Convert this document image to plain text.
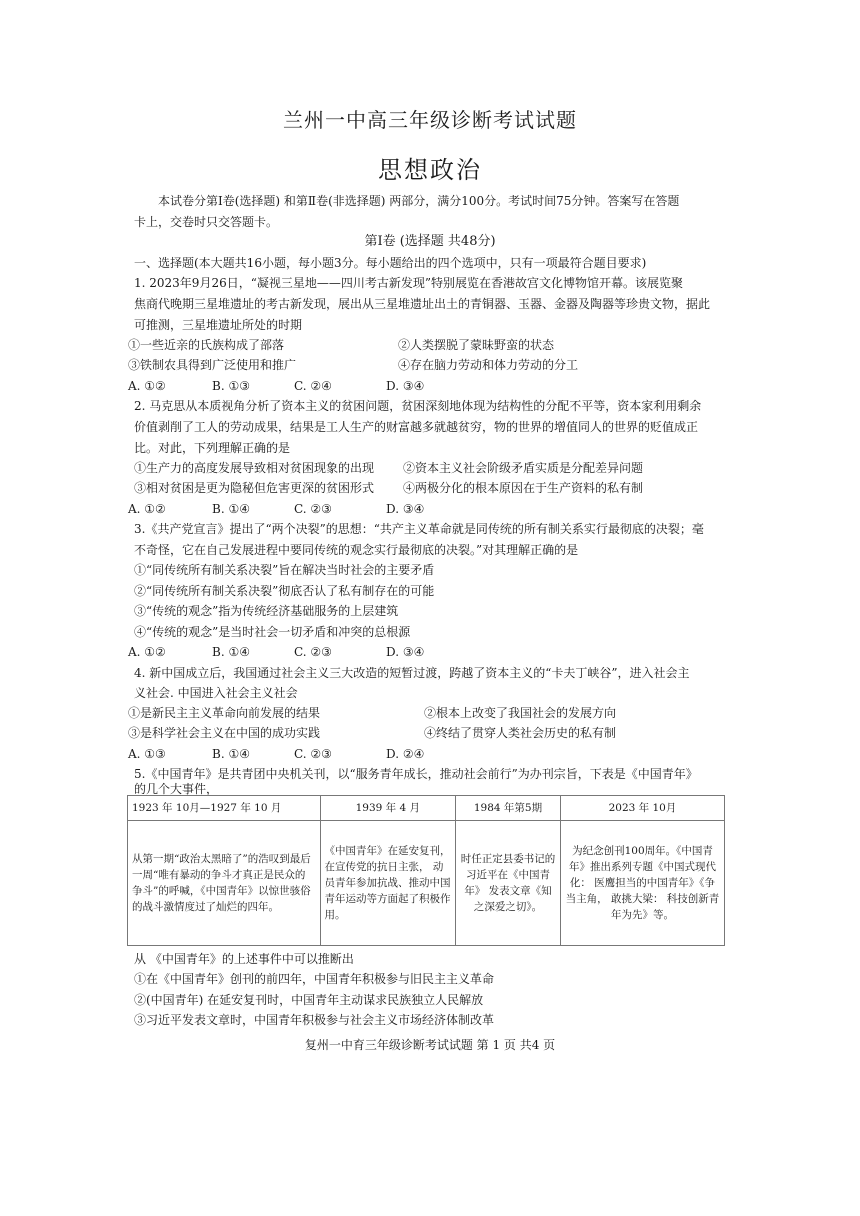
兰州一中高三年级诊断考试试题
思想政治
本试卷分第Ⅰ卷(选择题) 和第Ⅱ卷(非选择题) 两部分，满分100分。考试时间75分钟。答案写在答题
卡上，交卷时只交答题卡。
第Ⅰ卷 (选择题 共48分)
一、选择题(本大题共16小题，每小题3分。每小题给出的四个选项中，只有一项最符合题目要求)
1. 2023年9月26日，“凝视三星地——四川考古新发现”特别展览在香港故宫文化博物馆开幕。该展览聚
焦商代晚期三星堆遗址的考古新发现，展出从三星堆遗址出土的青铜器、玉器、金器及陶器等珍贵文物，据此
可推测，三星堆遗址所处的时期
①一些近亲的氏族构成了部落	②人类摆脱了蒙昧野蛮的状态
③铁制农具得到广泛使用和推广	④存在脑力劳动和体力劳动的分工
A. ①②	B. ①③	C. ②④	D. ③④
2. 马克思从本质视角分析了资本主义的贫困问题，贫困深刻地体现为结构性的分配不平等，资本家利用剩余
价值剥削了工人的劳动成果，结果是工人生产的财富越多就越贫穷，物的世界的增值同人的世界的贬值成正
比。对此，下列理解正确的是
①生产力的高度发展导致相对贫困现象的出现 ②资本主义社会阶级矛盾实质是分配差异问题
③相对贫困是更为隐秘但危害更深的贫困形式 ④两极分化的根本原因在于生产资料的私有制
A. ①②	B. ①④	C. ②③	D. ③④
3.《共产党宣言》提出了“两个决裂”的思想：“共产主义革命就是同传统的所有制关系实行最彻底的决裂；毫
不奇怪，它在自己发展进程中要同传统的观念实行最彻底的决裂。”对其理解正确的是
①“同传统所有制关系决裂”旨在解决当时社会的主要矛盾
②“同传统所有制关系决裂”彻底否认了私有制存在的可能
③“传统的观念”指为传统经济基础服务的上层建筑
④“传统的观念”是当时社会一切矛盾和冲突的总根源
A. ①②	B. ①④	C. ②③	D. ③④
4. 新中国成立后，我国通过社会主义三大改造的短暂过渡，跨越了资本主义的“卡夫丁峡谷”，进入社会主
义社会. 中国进入社会主义社会
①是新民主主义革命向前发展的结果	②根本上改变了我国社会的发展方向
③是科学社会主义在中国的成功实践	④终结了贯穿人类社会历史的私有制
A. ①③	B. ①④	C. ②③	D. ②④
5.《中国青年》是共青团中央机关刊，以“服务青年成长，推动社会前行”为办刊宗旨，下表是《中国青年》
的几个大事件，
1923 年 10月—1927 年 10 月	1939 年 4 月	1984 年第5期	2023 年 10月
从第一期“政治太黑暗了”的浩叹到最后一周“唯有暴动的争斗才真正是民众的争斗”的呼喊，《中国青年》以惊世骇俗的战斗激情度过了灿烂的四年。	《中国青年》在延安复刊， 在宣传党的抗日主张， 动员青年参加抗战、推动中国青年运动等方面起了积极作用。	时任正定县委书记的习近平在《中国青年》 发表文章《知之深爱之切》。	为纪念创刊100周年。《中国青年》推出系列专题《中国式现代化： 医鹰担当的中国青年》《争当主角， 敢挑大梁： 科技创新青年为先》等。
从 《中国青年》的上述事件中可以推断出
①在《中国青年》创刊的前四年，中国青年积极参与旧民主主义革命
②(中国青年) 在延安复刊时，中国青年主动谋求民族独立人民解放
③习近平发表文章时，中国青年积极参与社会主义市场经济体制改革
复州一中育三年级诊断考试试题 第 1 页 共4 页
